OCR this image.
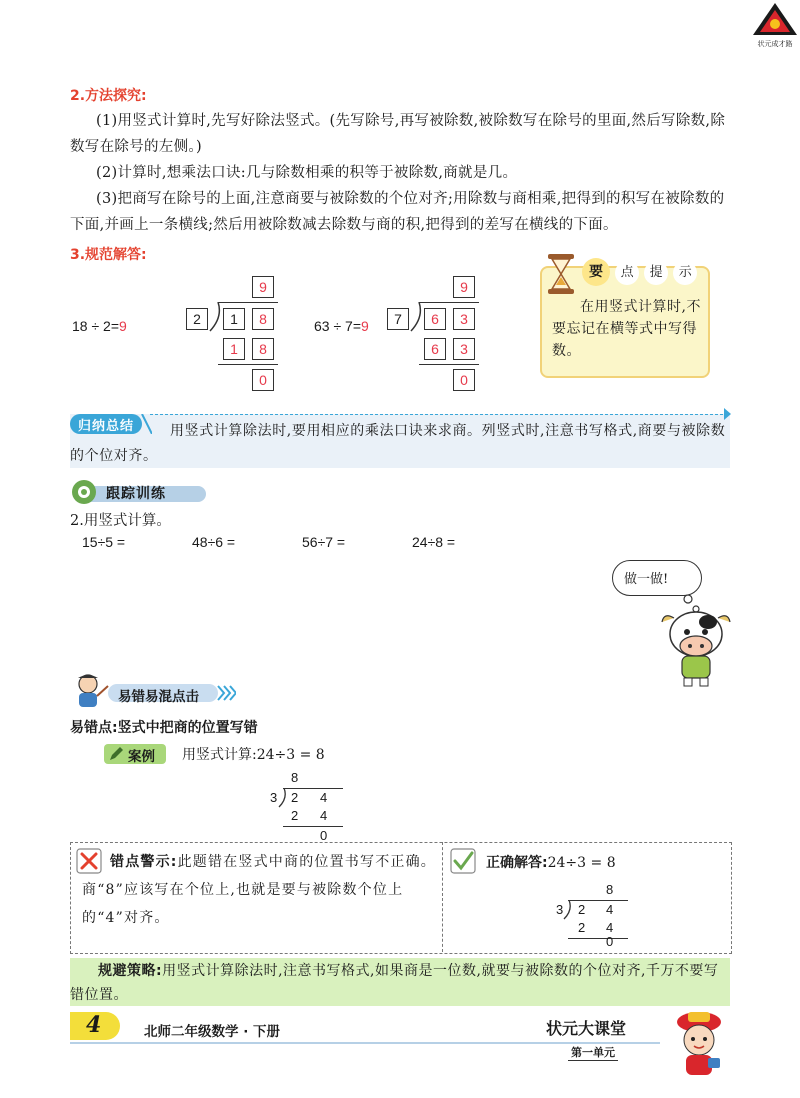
状元成才路
2.方法探究:
(1)用竖式计算时,先写好除法竖式。(先写除号,再写被除数,被除数写在除号的里面,然后写除数,除数写在除号的左侧。)
(2)计算时,想乘法口诀:几与除数相乘的积等于被除数,商就是几。
(3)把商写在除号的上面,注意商要与被除数的个位对齐;用除数与商相乘,把得到的积写在被除数的下面,并画上一条横线;然后用被除数减去除数与商的积,把得到的差写在横线的下面。
3.规范解答:
18 ÷ 2=9
9
2	1	8
1	8
0
63 ÷ 7=9
9
7	6	3
6	3
0
要 点 提 示
在用竖式计算时,不要忘记在横等式中写得数。
归纳总结	用竖式计算除法时,要用相应的乘法口诀来求商。列竖式时,注意书写格式,商要与被除数的个位对齐。
跟踪训练
2.用竖式计算。
15÷5 =	48÷6 =	56÷7 =	24÷8 =
做一做!
易错易混点击
易错点:竖式中把商的位置写错
案例 用竖式计算:24÷3 = 8
8
3 2 4
2 4
0
错点警示:此题错在竖式中商的位置书写不正确。商“8”应该写在个位上,也就是要与被除数个位上的“4”对齐。
正确解答:24÷3 = 8
8
3 2 4
2 4
0
规避策略:用竖式计算除法时,注意书写格式,如果商是一位数,就要与被除数的个位对齐,千万不要写错位置。
4	北师二年级数学 · 下册	状元大课堂
第一单元
